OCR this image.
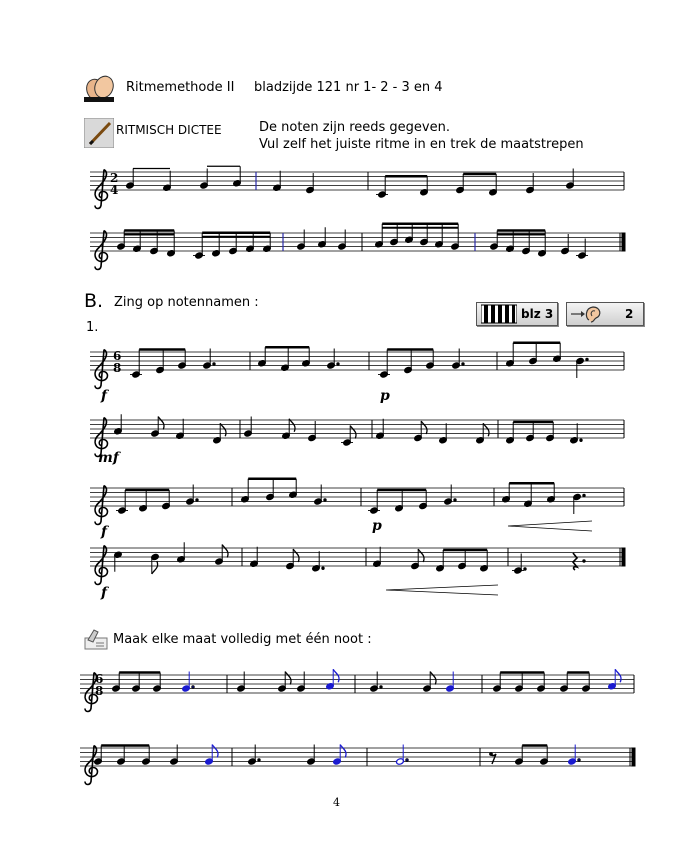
Ritmemethode II bladzijde 121 nr 1- 2 - 3 en 4
RITMISCH DICTEE	De noten zijn reeds gegeven.
Vul zelf het juiste ritme in en trek de maatstrepen
B. Zing op notennamen :
1.
blz 3	2
Maak elke maat volledig met één noot :
4
f	p
mf
f	p
f
2
4
6
8
6
8
